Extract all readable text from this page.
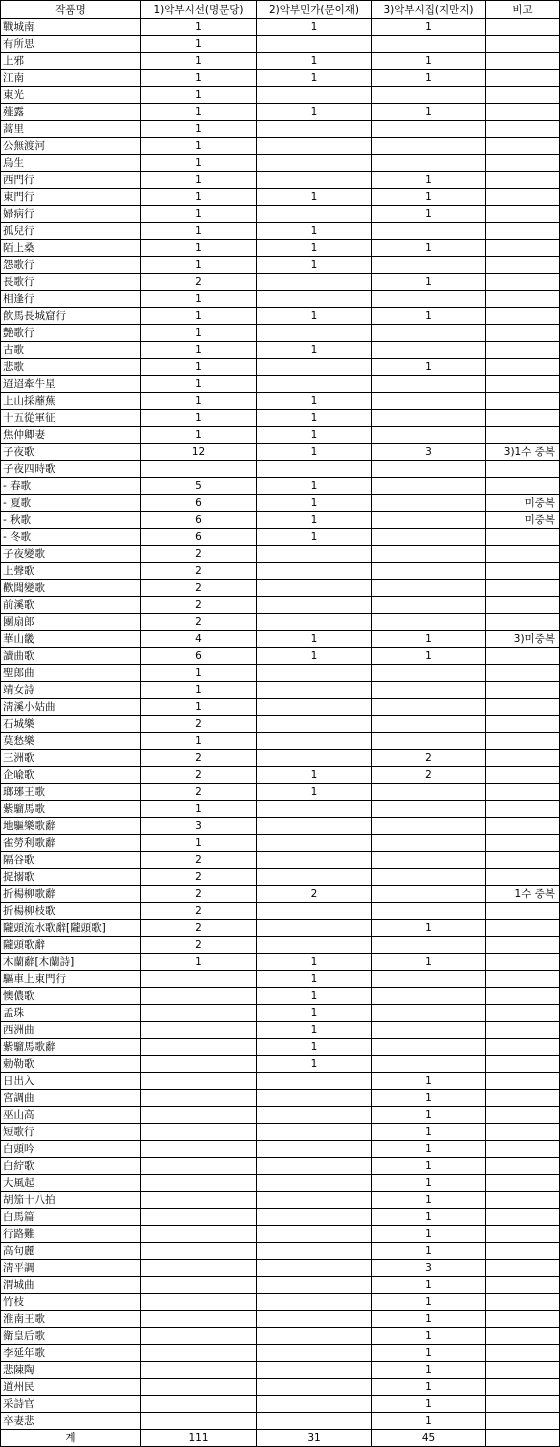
작품명	1)악부시선(명문당)	2)악부민가(문이재)	3)악부시집(지만지)	비고
戰城南	1	1	1	
有所思	1			
上邪	1	1	1	
江南	1	1	1	
東光	1			
薤露	1	1	1	
蒿里	1			
公無渡河	1			
烏生	1			
西門行	1		1	
東門行	1	1	1	
婦病行	1		1	
孤兒行	1	1		
陌上桑	1	1	1	
怨歌行	1	1		
長歌行	2		1	
相逢行	1			
飮馬長城窟行	1	1	1	
艶歌行	1			
古歌	1	1		
悲歌	1		1	
迢迢牽牛星	1			
上山採蘼蕪	1	1		
十五從軍征	1	1		
焦仲卿妻	1	1		
子夜歌	12	1	3	3)1수 중복
子夜四時歌				
- 春歌	5	1		
- 夏歌	6	1		미중복
- 秋歌	6	1		미중복
- 冬歌	6	1		
子夜變歌	2			
上聲歌	2			
歡聞變歌	2			
前溪歌	2			
團扇郎	2			
華山畿	4	1	1	3)미중복
讀曲歌	6	1	1	
聖郎曲	1			
靖女詩	1			
淸溪小姑曲	1			
石城樂	2			
莫愁樂	1			
三洲歌	2		2	
企喩歌	2	1	2	
瑯琊王歌	2	1		
紫騮馬歌	1			
地驅樂歌辭	3			
雀勞利歌辭	1			
隔谷歌	2			
捉搦歌	2			
折楊柳歌辭	2	2		1수 중복
折楊柳枝歌	2			
隴頭流水歌辭[隴頭歌]	2		1	
隴頭歌辭	2			
木蘭辭[木蘭詩]	1	1	1	
驅車上東門行		1		
懊儂歌		1		
孟珠		1		
西洲曲		1		
紫騮馬歌辭		1		
勅勒歌		1		
日出入			1	
宮調曲			1	
巫山高			1	
短歌行			1	
白頭吟			1	
白紵歌			1	
大風起			1	
胡笳十八拍			1	
白馬篇			1	
行路難			1	
高句麗			1	
淸平調			3	
渭城曲			1	
竹枝			1	
淮南王歌			1	
衛皇后歌			1	
李延年歌			1	
悲陳陶			1	
道州民			1	
采詩官			1	
卒妻悲			1	
계	111	31	45	
